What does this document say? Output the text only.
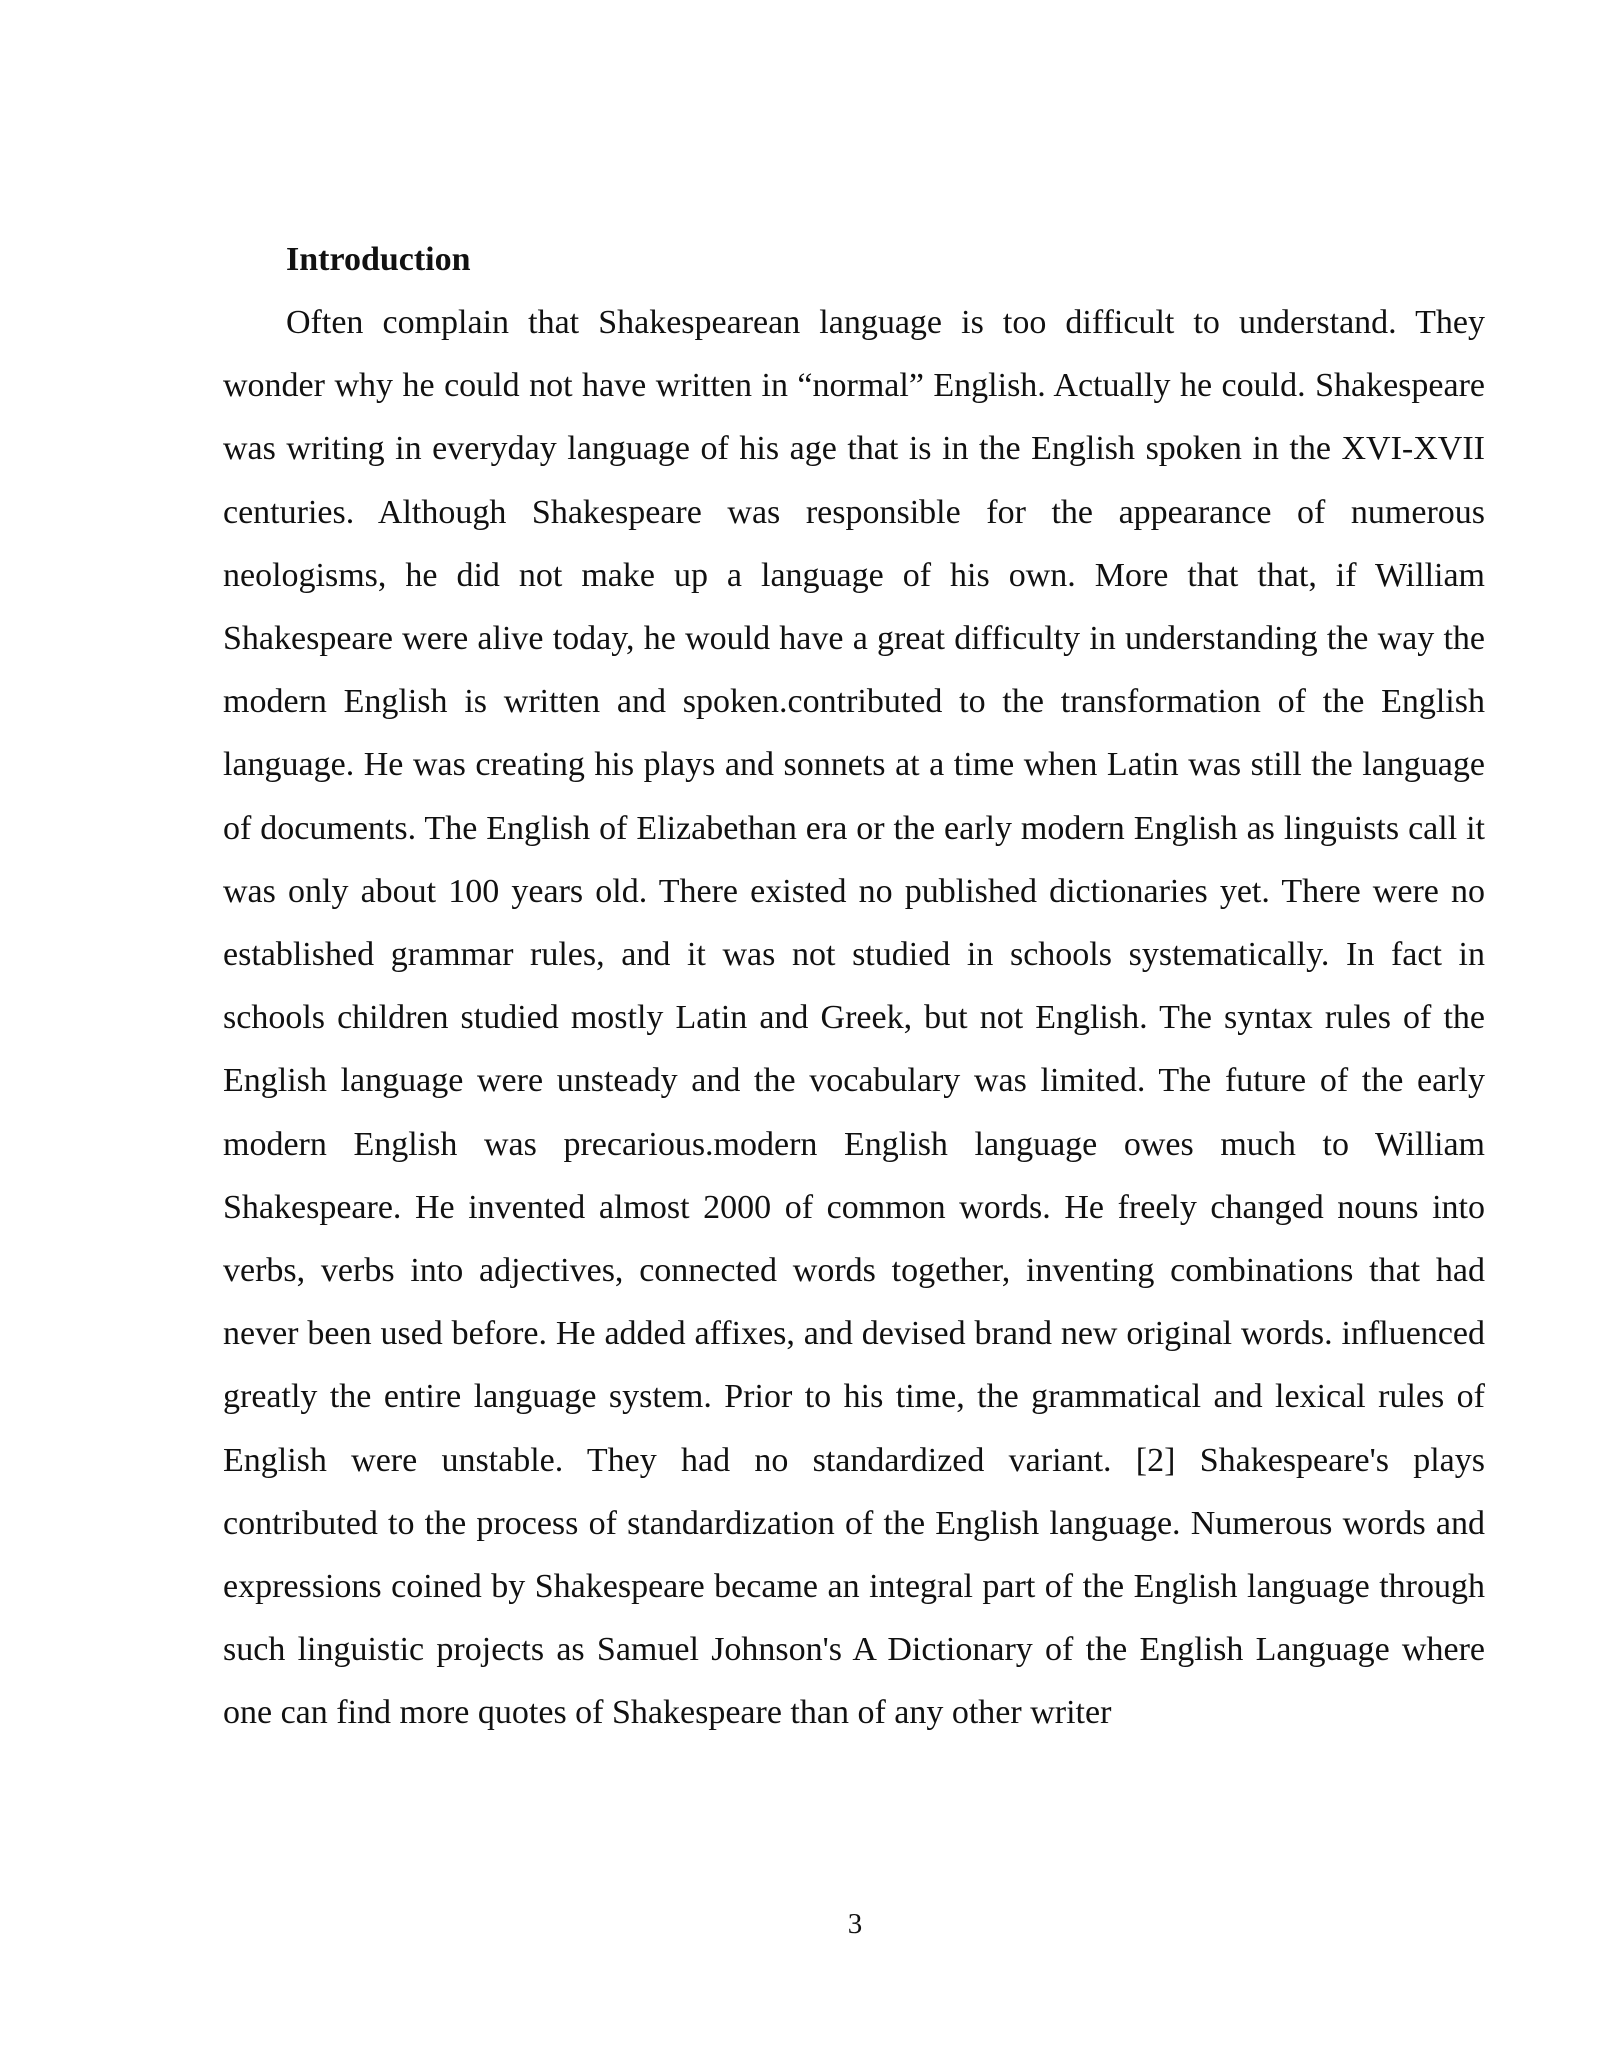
Introduction

Often complain that Shakespearean language is too difficult to understand. They wonder why he could not have written in “normal” English. Actually he could. Shakespeare was writing in everyday language of his age that is in the English spoken in the XVI-XVII centuries. Although Shakespeare was responsible for the appearance of numerous neologisms, he did not make up a language of his own. More that that, if William Shakespeare were alive today, he would have a great difficulty in understanding the way the modern English is written and spoken.contributed to the transformation of the English language. He was creating his plays and sonnets at a time when Latin was still the language of documents. The English of Elizabethan era or the early modern English as linguists call it was only about 100 years old. There existed no published dictionaries yet. There were no established grammar rules, and it was not studied in schools systematically. In fact in schools children studied mostly Latin and Greek, but not English. The syntax rules of the English language were unsteady and the vocabulary was limited. The future of the early modern English was precarious.modern English language owes much to William Shakespeare. He invented almost 2000 of common words. He freely changed nouns into verbs, verbs into adjectives, connected words together, inventing combinations that had never been used before. He added affixes, and devised brand new original words. influenced greatly the entire language system. Prior to his time, the grammatical and lexical rules of English were unstable. They had no standardized variant. [2] Shakespeare's plays contributed to the process of standardization of the English language. Numerous words and expressions coined by Shakespeare became an integral part of the English language through such linguistic projects as Samuel Johnson's A Dictionary of the English Language where one can find more quotes of Shakespeare than of any other writer

3
